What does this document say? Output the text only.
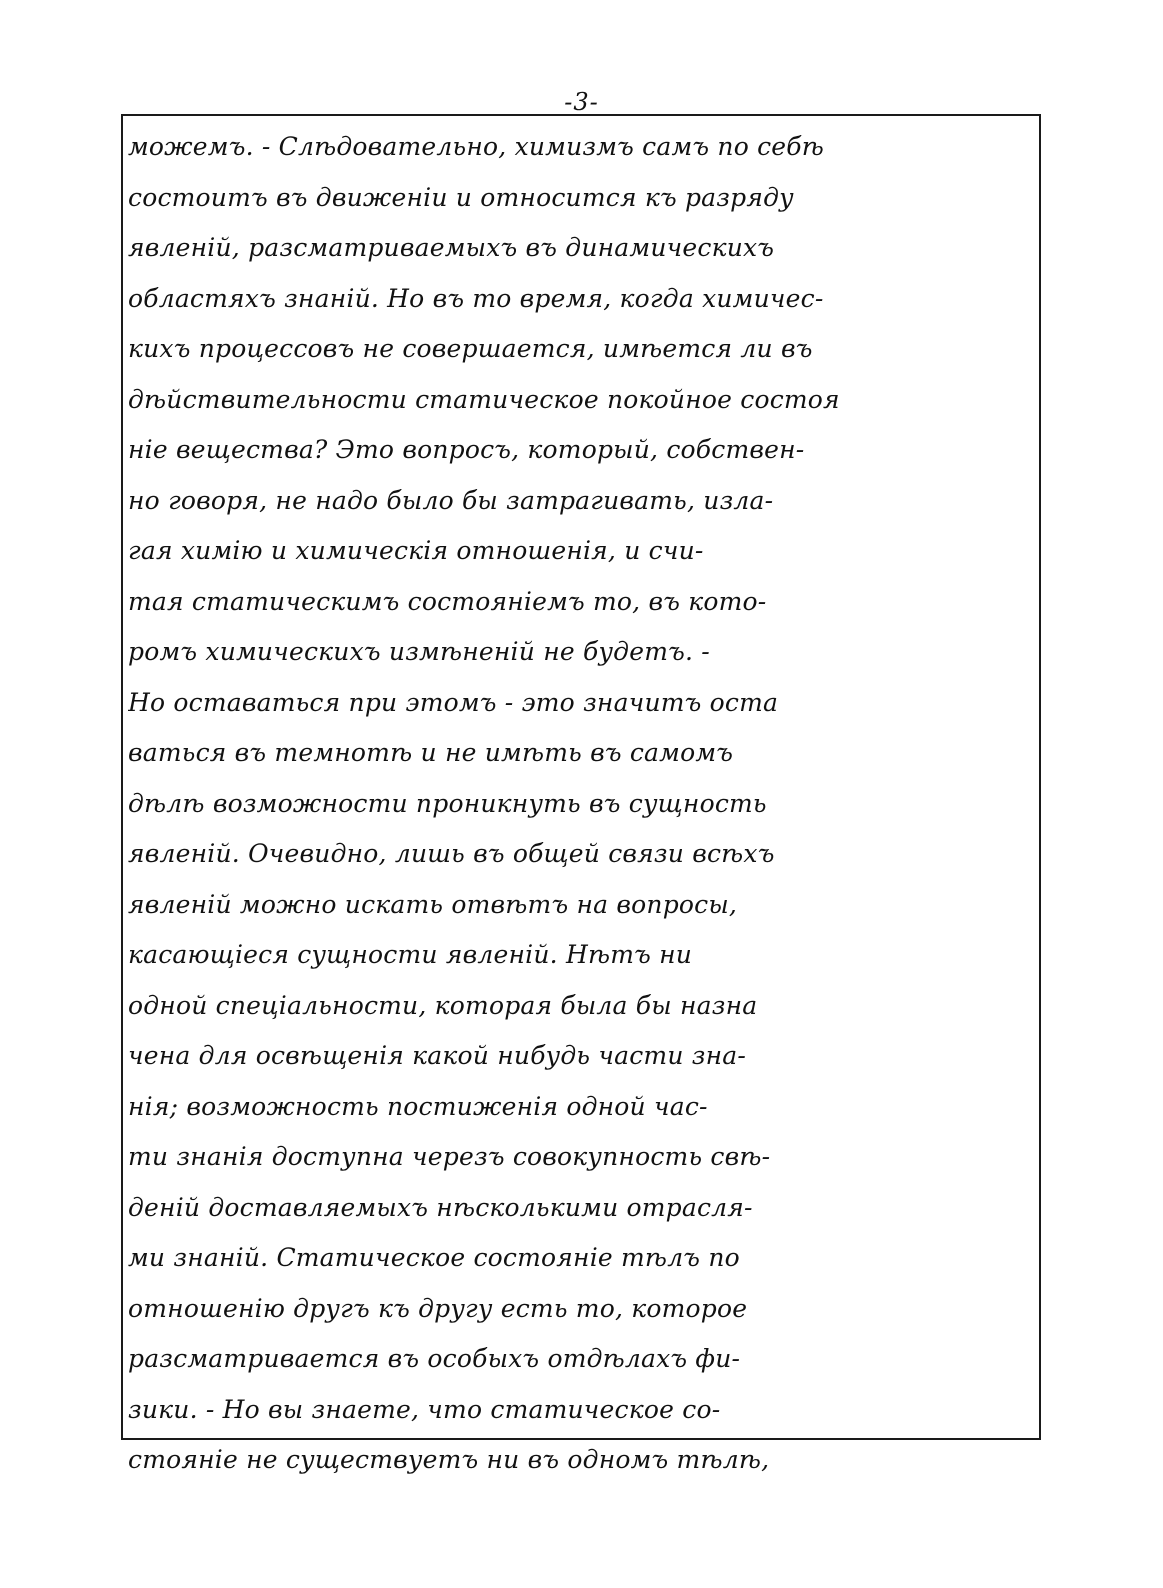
-3-
можемъ. - Слѣдовательно, химизмъ самъ по себѣ
состоитъ въ движеніи и относится къ разряду
явленій, разсматриваемыхъ въ динамическихъ
областяхъ знаній. Но въ то время, когда химичес-
кихъ процессовъ не совершается, имѣется ли въ
дѣйствительности статическое покойное состоя
ніе вещества? Это вопросъ, который, собствен-
но говоря, не надо было бы затрагивать, излa-
гая химію и химическія отношенія, и счи-
тая статическимъ состояніемъ то, въ кото-
ромъ химическихъ измѣненій не будетъ. -
Но оставаться при этомъ - это значитъ оста
ваться въ темнотѣ и не имѣть въ самомъ
дѣлѣ возможности проникнуть въ сущность
явленій. Очевидно, лишь въ общей связи всѣхъ
явленій можно искать отвѣтъ на вопросы,
касающіеся сущности явленій. Нѣтъ ни
одной спеціальности, которая была бы назна
чена для освѣщенія какой нибудь части зна-
нія; возможность постиженія одной час-
ти знанія доступна черезъ совокупность свѣ-
деній доставляемыхъ нѣсколькими отрасля-
ми знаній. Статическое состояніе тѣлъ по
отношенію другъ къ другу есть то, которое
разсматривается въ особыхъ отдѣлахъ фи-
зики. - Но вы знаете, что статическое со-
стояніе не существуетъ ни въ одномъ тѣлѣ,
